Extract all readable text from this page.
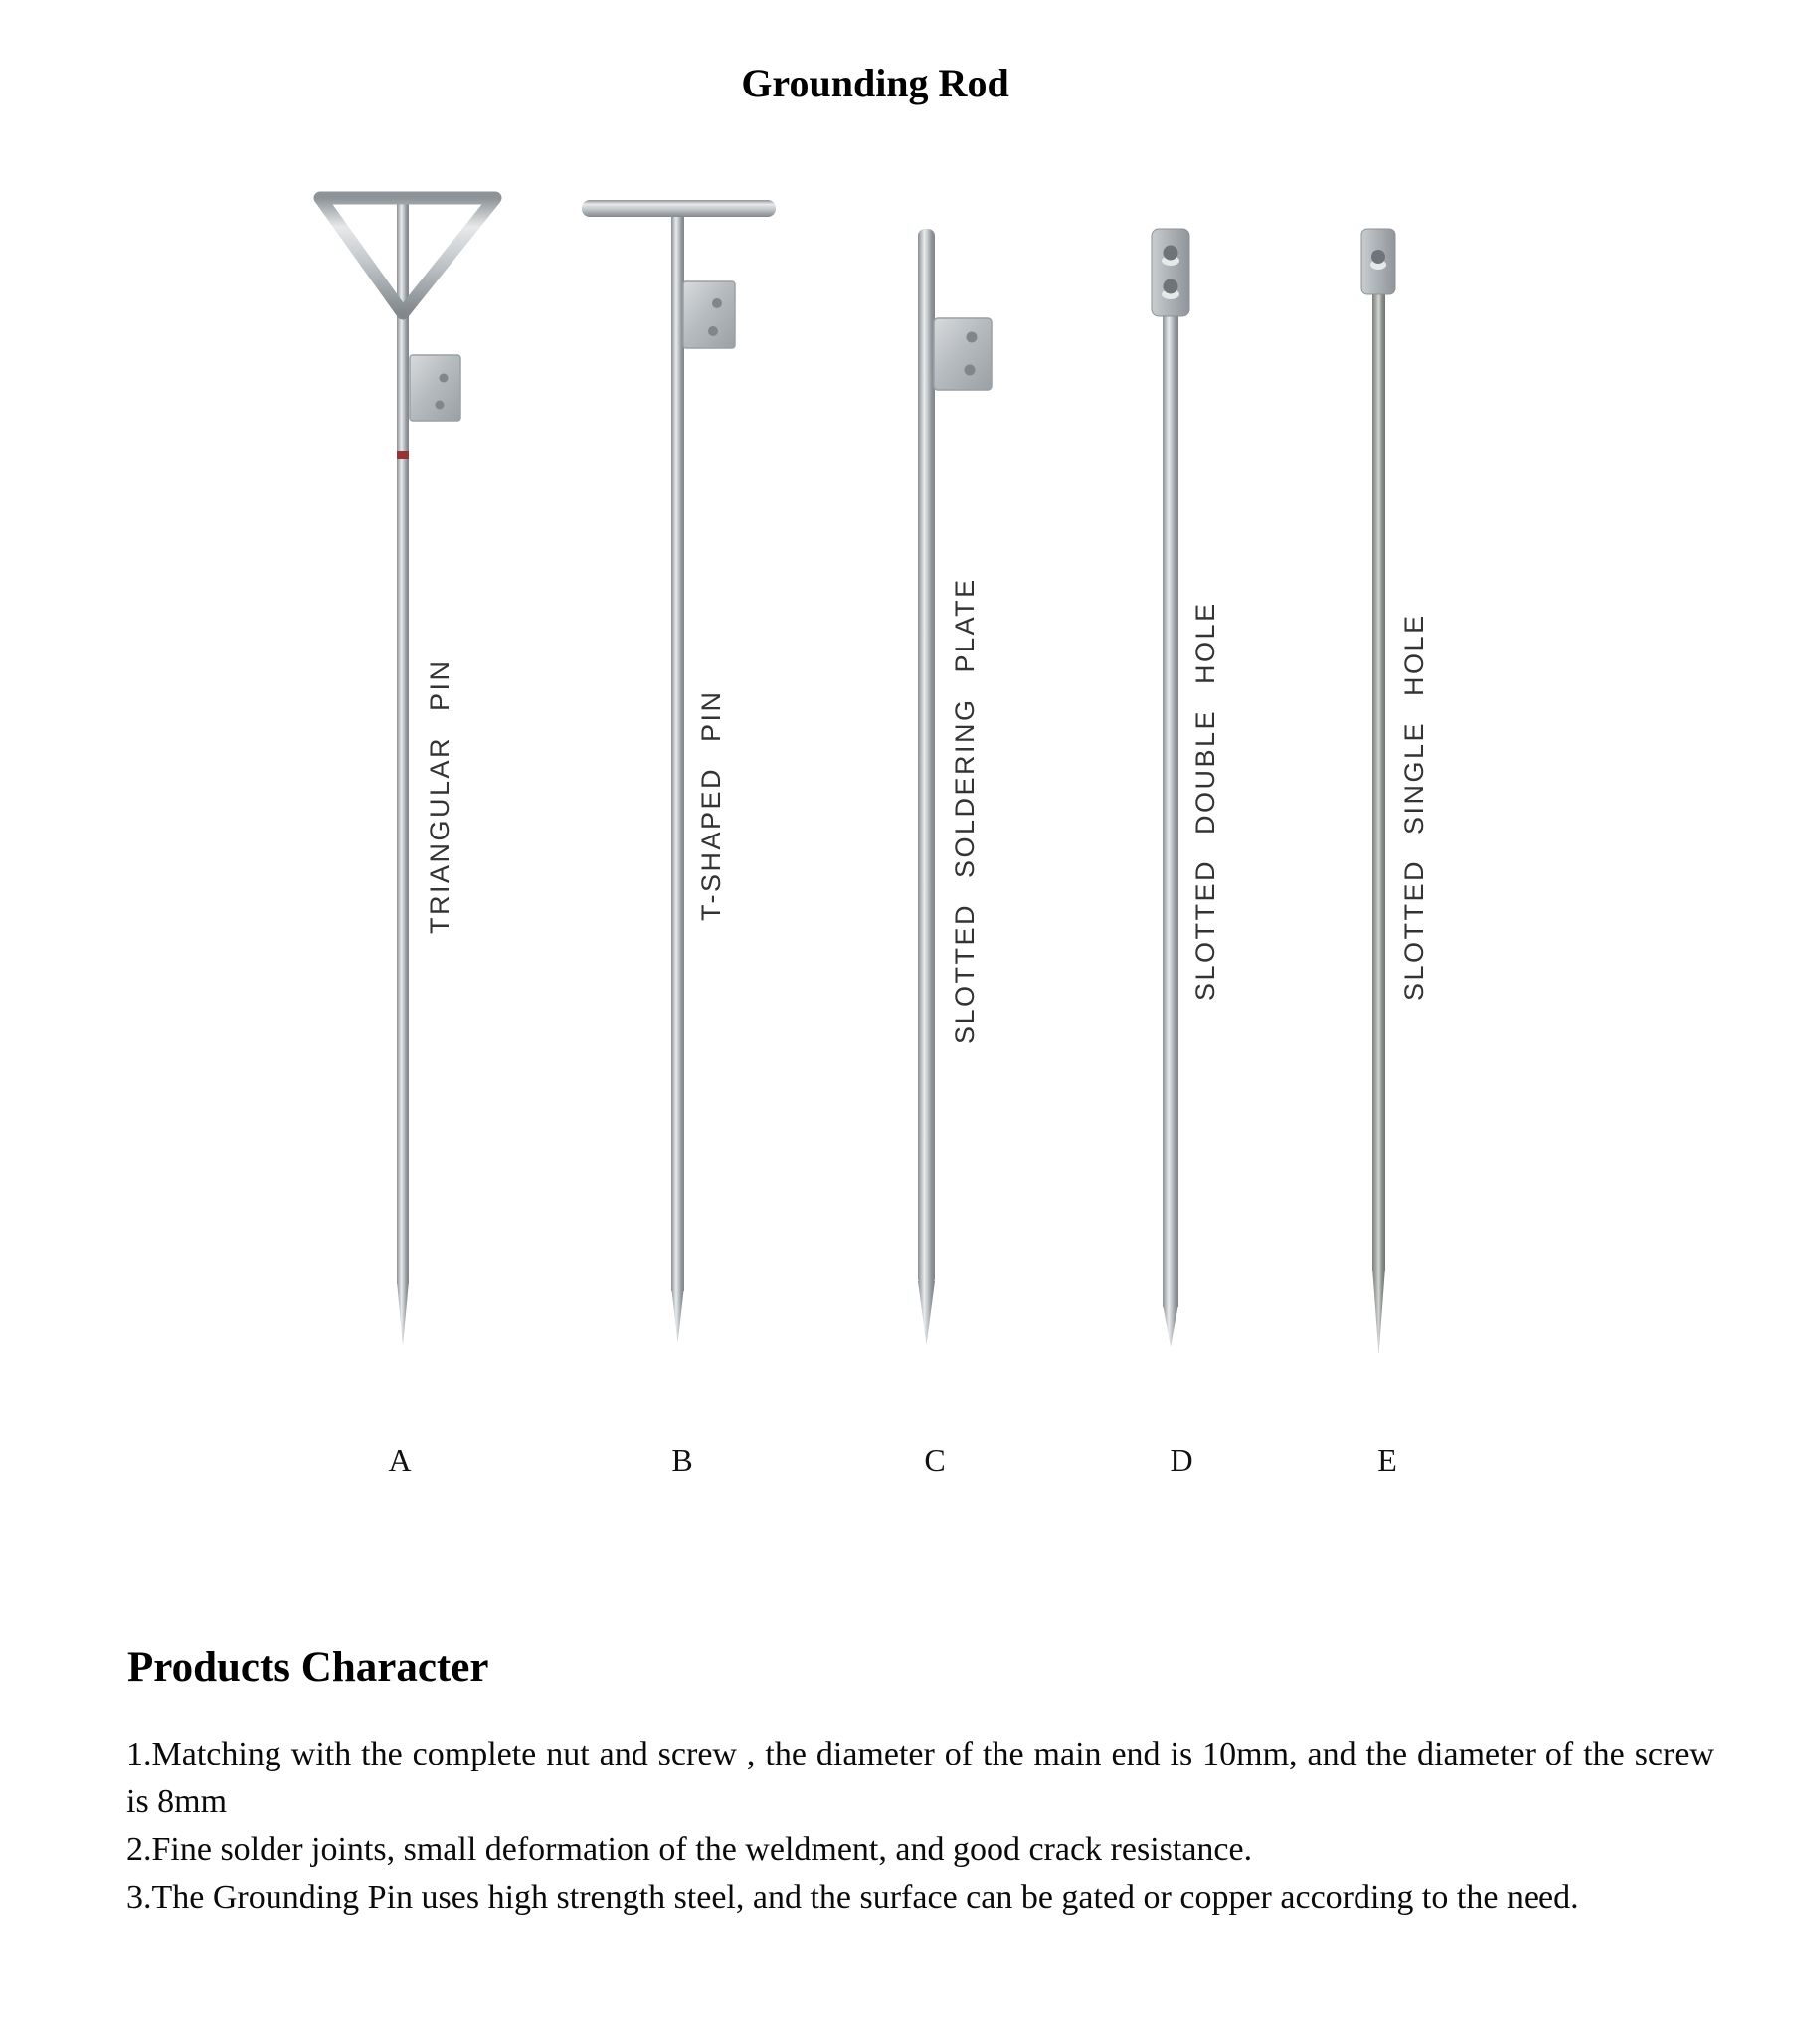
Grounding Rod
TRIANGULAR PIN	T-SHAPED PIN	SLOTTED SOLDERING PLATE	SLOTTED DOUBLE HOLE	SLOTTED SINGLE HOLE
A	B	C	D	E
Products Character

1.Matching with the complete nut and screw , the diameter of the main end is 10mm, and the diameter of the screw is 8mm

2.Fine solder joints, small deformation of the weldment, and good crack resistance.

3.The Grounding Pin uses high strength steel, and the surface can be gated or copper according to the need.
